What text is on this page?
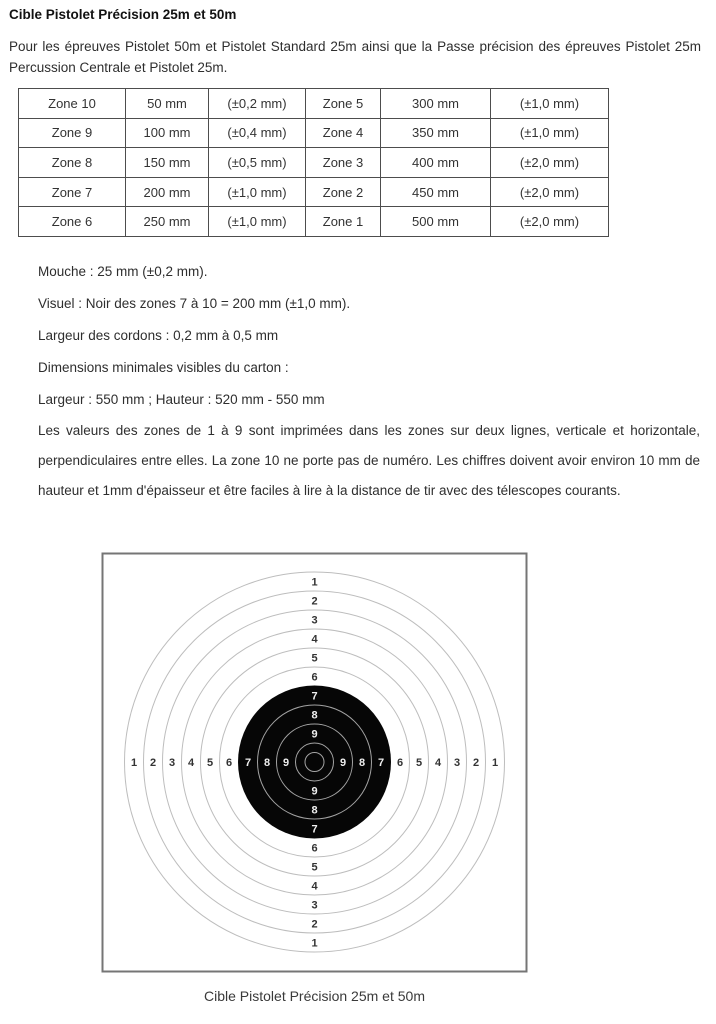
Cible Pistolet Précision 25m et 50m

Pour les épreuves Pistolet 50m et Pistolet Standard 25m ainsi que la Passe précision des épreuves Pistolet 25m Percussion Centrale et Pistolet 25m.

Zone 10	50 mm	(±0,2 mm)	Zone 5	300 mm	(±1,0 mm)
Zone 9	100 mm	(±0,4 mm)	Zone 4	350 mm	(±1,0 mm)
Zone 8	150 mm	(±0,5 mm)	Zone 3	400 mm	(±2,0 mm)
Zone 7	200 mm	(±1,0 mm)	Zone 2	450 mm	(±2,0 mm)
Zone 6	250 mm	(±1,0 mm)	Zone 1	500 mm	(±2,0 mm)

Mouche : 25 mm (±0,2 mm).

Visuel : Noir des zones 7 à 10 = 200 mm (±1,0 mm).

Largeur des cordons : 0,2 mm à 0,5 mm

Dimensions minimales visibles du carton :

Largeur : 550 mm ; Hauteur : 520 mm - 550 mm

Les valeurs des zones de 1 à 9 sont imprimées dans les zones sur deux lignes, verticale et horizontale, perpendiculaires entre elles. La zone 10 ne porte pas de numéro. Les chiffres doivent avoir environ 10 mm de hauteur et 1mm d'épaisseur et être faciles à lire à la distance de tir avec des télescopes courants.

1
1
1	1
2
2
2	2
3
3
3	3
4
4
4	4
5
5
5	5
6
6
6	6
7
7
7	7
8
8
8	8
9
9
9	9
Cible Pistolet Précision 25m et 50m
